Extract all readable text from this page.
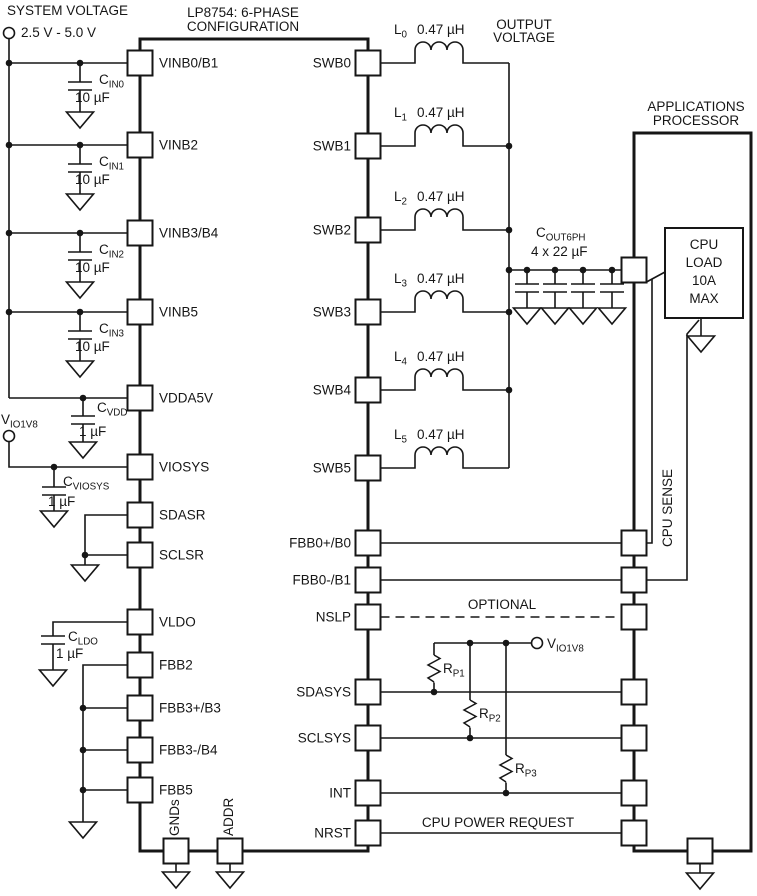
SYSTEM VOLTAGE
2.5 V - 5.0 V
LP8754: 6-PHASE
CONFIGURATION	OUTPUT
VOLTAGE
APPLICATIONS
PROCESSOR
VINB0/B1
VINB2
VINB3/B4
VINB5
VDDA5V
VIOSYS
SDASR
SCLSR
VLDO
FBB2
FBB3+/B3
FBB3-/B4
FBB5
SWB0
SWB1
SWB2
SWB3
SWB4
SWB5
FBB0+/B0
FBB0-/B1
NSLP
SDASYS
SCLSYS
INT
NRST
GNDs	ADDR
$C_{IN0}$
10 µF
$C_{IN1}$
10 µF
$C_{IN2}$
10 µF
$C_{IN3}$
10 µF
$C_{VDD}$
1 µF
$V_{IO1V8}$
$C_{VIOSYS}$
1 µF
$C_{LDO}$
1 µF
$C_{OUT6PH}$
4 x 22 µF
$L_0$ 0.47 µH
$L_1$ 0.47 µH
$L_2$ 0.47 µH
$L_3$ 0.47 µH
$L_4$ 0.47 µH
$L_5$ 0.47 µH
$R_{P1}$
$R_{P2}$
$R_{P3}$
$V_{IO1V8}$
OPTIONAL
CPU POWER REQUEST
CPU
LOAD
10A
MAX
CPU SENSE
